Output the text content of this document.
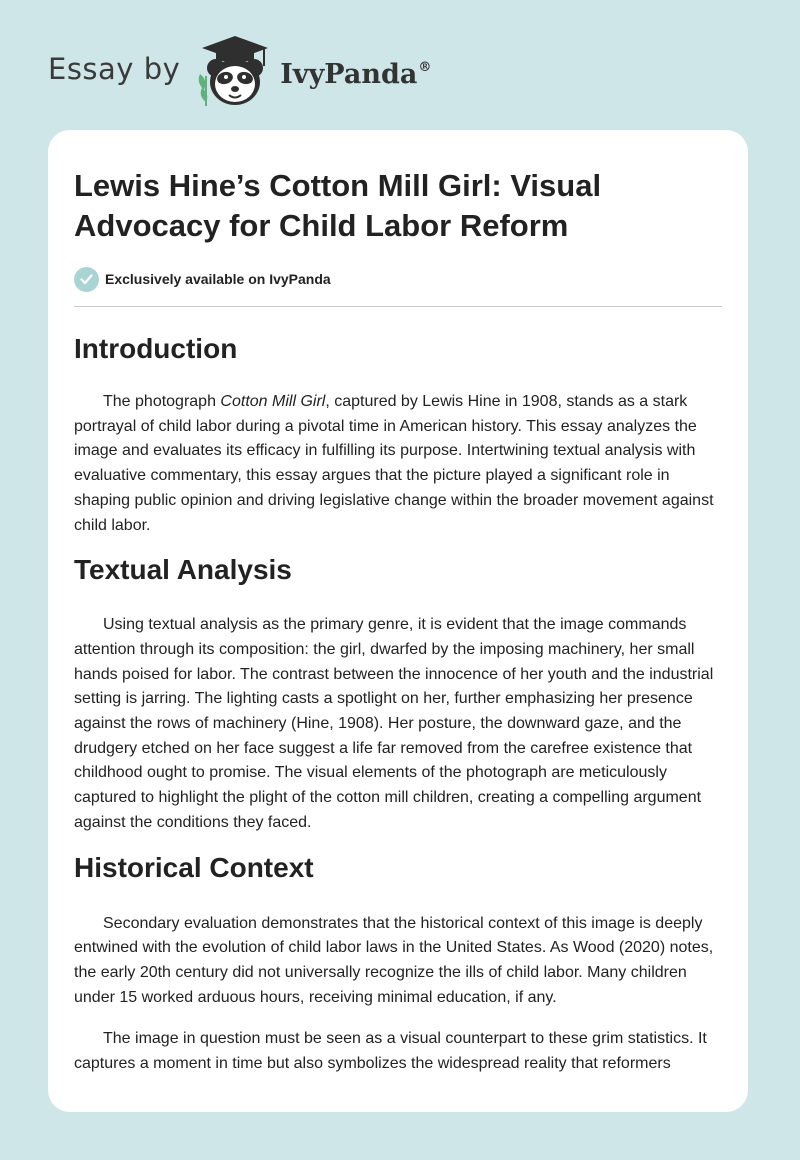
Essay by	IvyPanda®
Lewis Hine’s Cotton Mill Girl: Visual Advocacy for Child Labor Reform
Exclusively available on IvyPanda
Introduction

The photograph Cotton Mill Girl, captured by Lewis Hine in 1908, stands as a stark portrayal of child labor during a pivotal time in American history. This essay analyzes the image and evaluates its efficacy in fulfilling its purpose. Intertwining textual analysis with evaluative commentary, this essay argues that the picture played a significant role in shaping public opinion and driving legislative change within the broader movement against child labor.

Textual Analysis

Using textual analysis as the primary genre, it is evident that the image commands attention through its composition: the girl, dwarfed by the imposing machinery, her small hands poised for labor. The contrast between the innocence of her youth and the industrial setting is jarring. The lighting casts a spotlight on her, further emphasizing her presence against the rows of machinery (Hine, 1908). Her posture, the downward gaze, and the drudgery etched on her face suggest a life far removed from the carefree existence that childhood ought to promise. The visual elements of the photograph are meticulously captured to highlight the plight of the cotton mill children, creating a compelling argument against the conditions they faced.

Historical Context

Secondary evaluation demonstrates that the historical context of this image is deeply entwined with the evolution of child labor laws in the United States. As Wood (2020) notes, the early 20th century did not universally recognize the ills of child labor. Many children under 15 worked arduous hours, receiving minimal education, if any.

The image in question must be seen as a visual counterpart to these grim statistics. It captures a moment in time but also symbolizes the widespread reality that reformers
